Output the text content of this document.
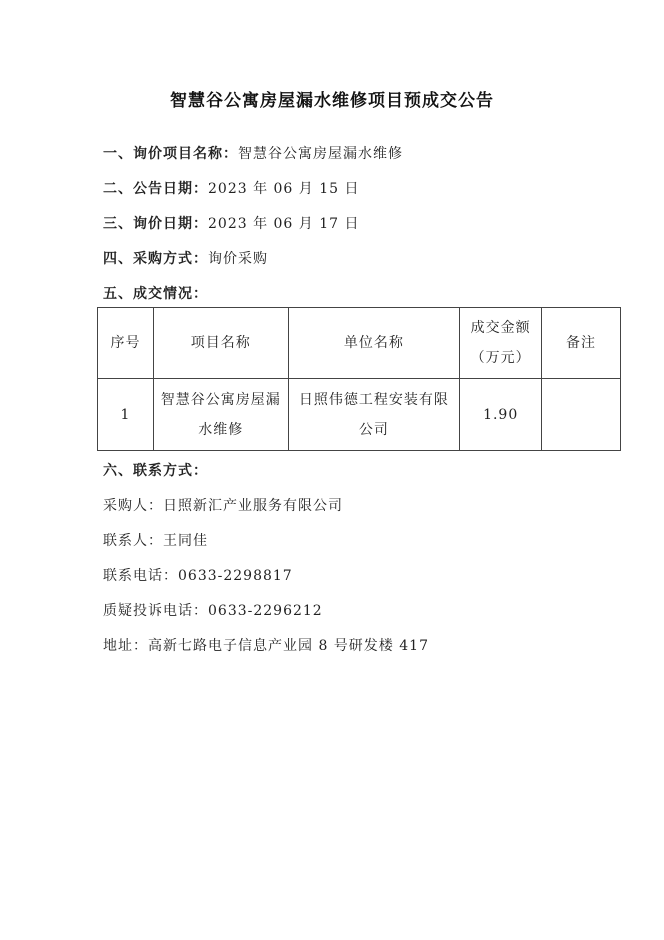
智慧谷公寓房屋漏水维修项目预成交公告
一、询价项目名称：智慧谷公寓房屋漏水维修
二、公告日期：2023 年 06 月 15 日
三、询价日期：2023 年 06 月 17 日
四、采购方式：询价采购
五、成交情况：
序号	项目名称	单位名称	成交金额（万元）	备注
1	智慧谷公寓房屋漏水维修	日照伟德工程安装有限公司	1.90	
六、联系方式：
采购人：日照新汇产业服务有限公司
联系人：王同佳
联系电话：0633-2298817
质疑投诉电话：0633-2296212
地址：高新七路电子信息产业园 8 号研发楼 417
